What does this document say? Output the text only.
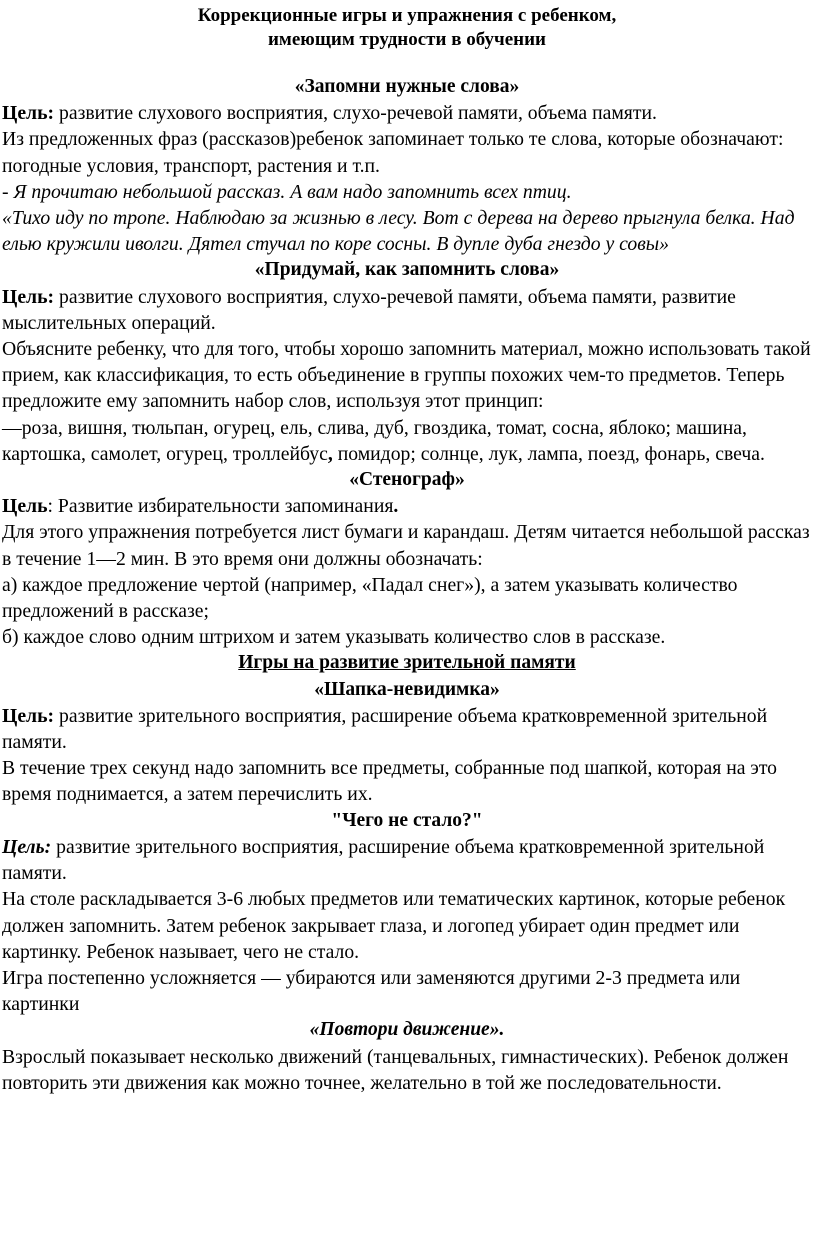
Коррекционные игры и упражнения с ребенком,

имеющим трудности в обучении

«Запомни нужные слова»

Цель: развитие слухового восприятия, слухо-речевой памяти, объема памяти.

Из предложенных фраз (рассказов)ребенок запоминает только те слова, которые обозначают: погодные условия, транспорт, растения и т.п.

- Я прочитаю небольшой рассказ. А вам надо запомнить всех птиц.

«Тихо иду по тропе. Наблюдаю за жизнью в лесу. Вот с дерева на дерево прыгнула белка. Над елью кружили иволги. Дятел стучал по коре сосны. В дупле дуба гнездо у совы»

«Придумай, как запомнить слова»

Цель: развитие слухового восприятия, слухо-речевой памяти, объема памяти, развитие мыслительных операций.

Объясните ребенку, что для того, чтобы хорошо запомнить материал, можно использовать такой прием, как классификация, то есть объединение в группы похожих чем-то предметов. Теперь предложите ему запомнить набор слов, используя этот принцип:

—роза, вишня, тюльпан, огурец, ель, слива, дуб, гвоздика, томат, сосна, яблоко; машина, картошка, самолет, огурец, троллейбус, помидор; солнце, лук, лампа, поезд, фонарь, свеча.

«Стенограф»

Цель: Развитие избирательности запоминания.

Для этого упражнения потребуется лист бумаги и карандаш. Детям читается небольшой рассказ в течение 1—2 мин. В это время они должны обозначать:

а) каждое предложение чертой (например, «Падал снег»), а затем указывать количество предложений в рассказе;

б) каждое слово одним штрихом и затем указывать количество слов в рассказе.

Игры на развитие зрительной памяти
«Шапка-невидимка»

Цель: развитие зрительного восприятия, расширение объема кратковременной зрительной памяти.

В течение трех секунд надо запомнить все предметы, собранные под шапкой, которая на это время поднимается, а затем перечислить их.

"Чего не стало?"

Цель: развитие зрительного восприятия, расширение объема кратковременной зрительной памяти.

На столе раскладывается 3-6 любых предметов или тематических картинок, которые ребенок должен запомнить. Затем ребенок закрывает глаза, и логопед убирает один предмет или картинку. Ребенок называет, чего не стало.

Игра постепенно усложняется — убираются или заменяются другими 2-3 предмета или картинки

«Повтори движение».

Взрослый показывает несколько движений (танцевальных, гимнастических). Ребенок должен повторить эти движения как можно точнее, желательно в той же последовательности.
